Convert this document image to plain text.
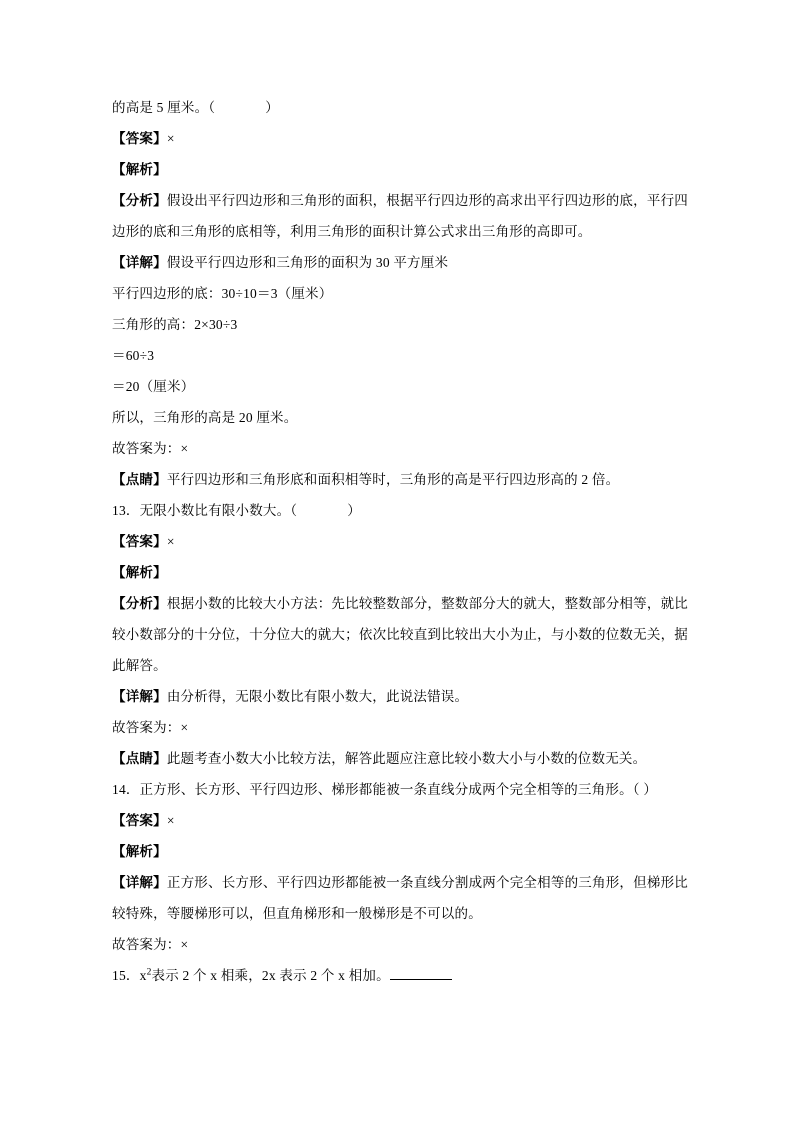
的高是 5 厘米。（              ）
【答案】×
【解析】
【分析】假设出平行四边形和三角形的面积，根据平行四边形的高求出平行四边形的底，平行四边形的底和三角形的底相等，利用三角形的面积计算公式求出三角形的高即可。
【详解】假设平行四边形和三角形的面积为 30 平方厘米
平行四边形的底：30÷10＝3（厘米）
三角形的高：2×30÷3
＝60÷3
＝20（厘米）
所以，三角形的高是 20 厘米。
故答案为：×
【点睛】平行四边形和三角形底和面积相等时，三角形的高是平行四边形高的 2 倍。
13．无限小数比有限小数大。（              ）
【答案】×
【解析】
【分析】根据小数的比较大小方法：先比较整数部分，整数部分大的就大，整数部分相等，就比较小数部分的十分位，十分位大的就大；依次比较直到比较出大小为止，与小数的位数无关，据此解答。
【详解】由分析得，无限小数比有限小数大，此说法错误。
故答案为：×
【点睛】此题考查小数大小比较方法，解答此题应注意比较小数大小与小数的位数无关。
14．正方形、长方形、平行四边形、梯形都能被一条直线分成两个完全相等的三角形。（ ）
【答案】×
【解析】
【详解】正方形、长方形、平行四边形都能被一条直线分割成两个完全相等的三角形，但梯形比较特殊，等腰梯形可以，但直角梯形和一般梯形是不可以的。
故答案为：×
15．$x^2$表示 2 个 x 相乘，2x 表示 2 个 x 相加。
